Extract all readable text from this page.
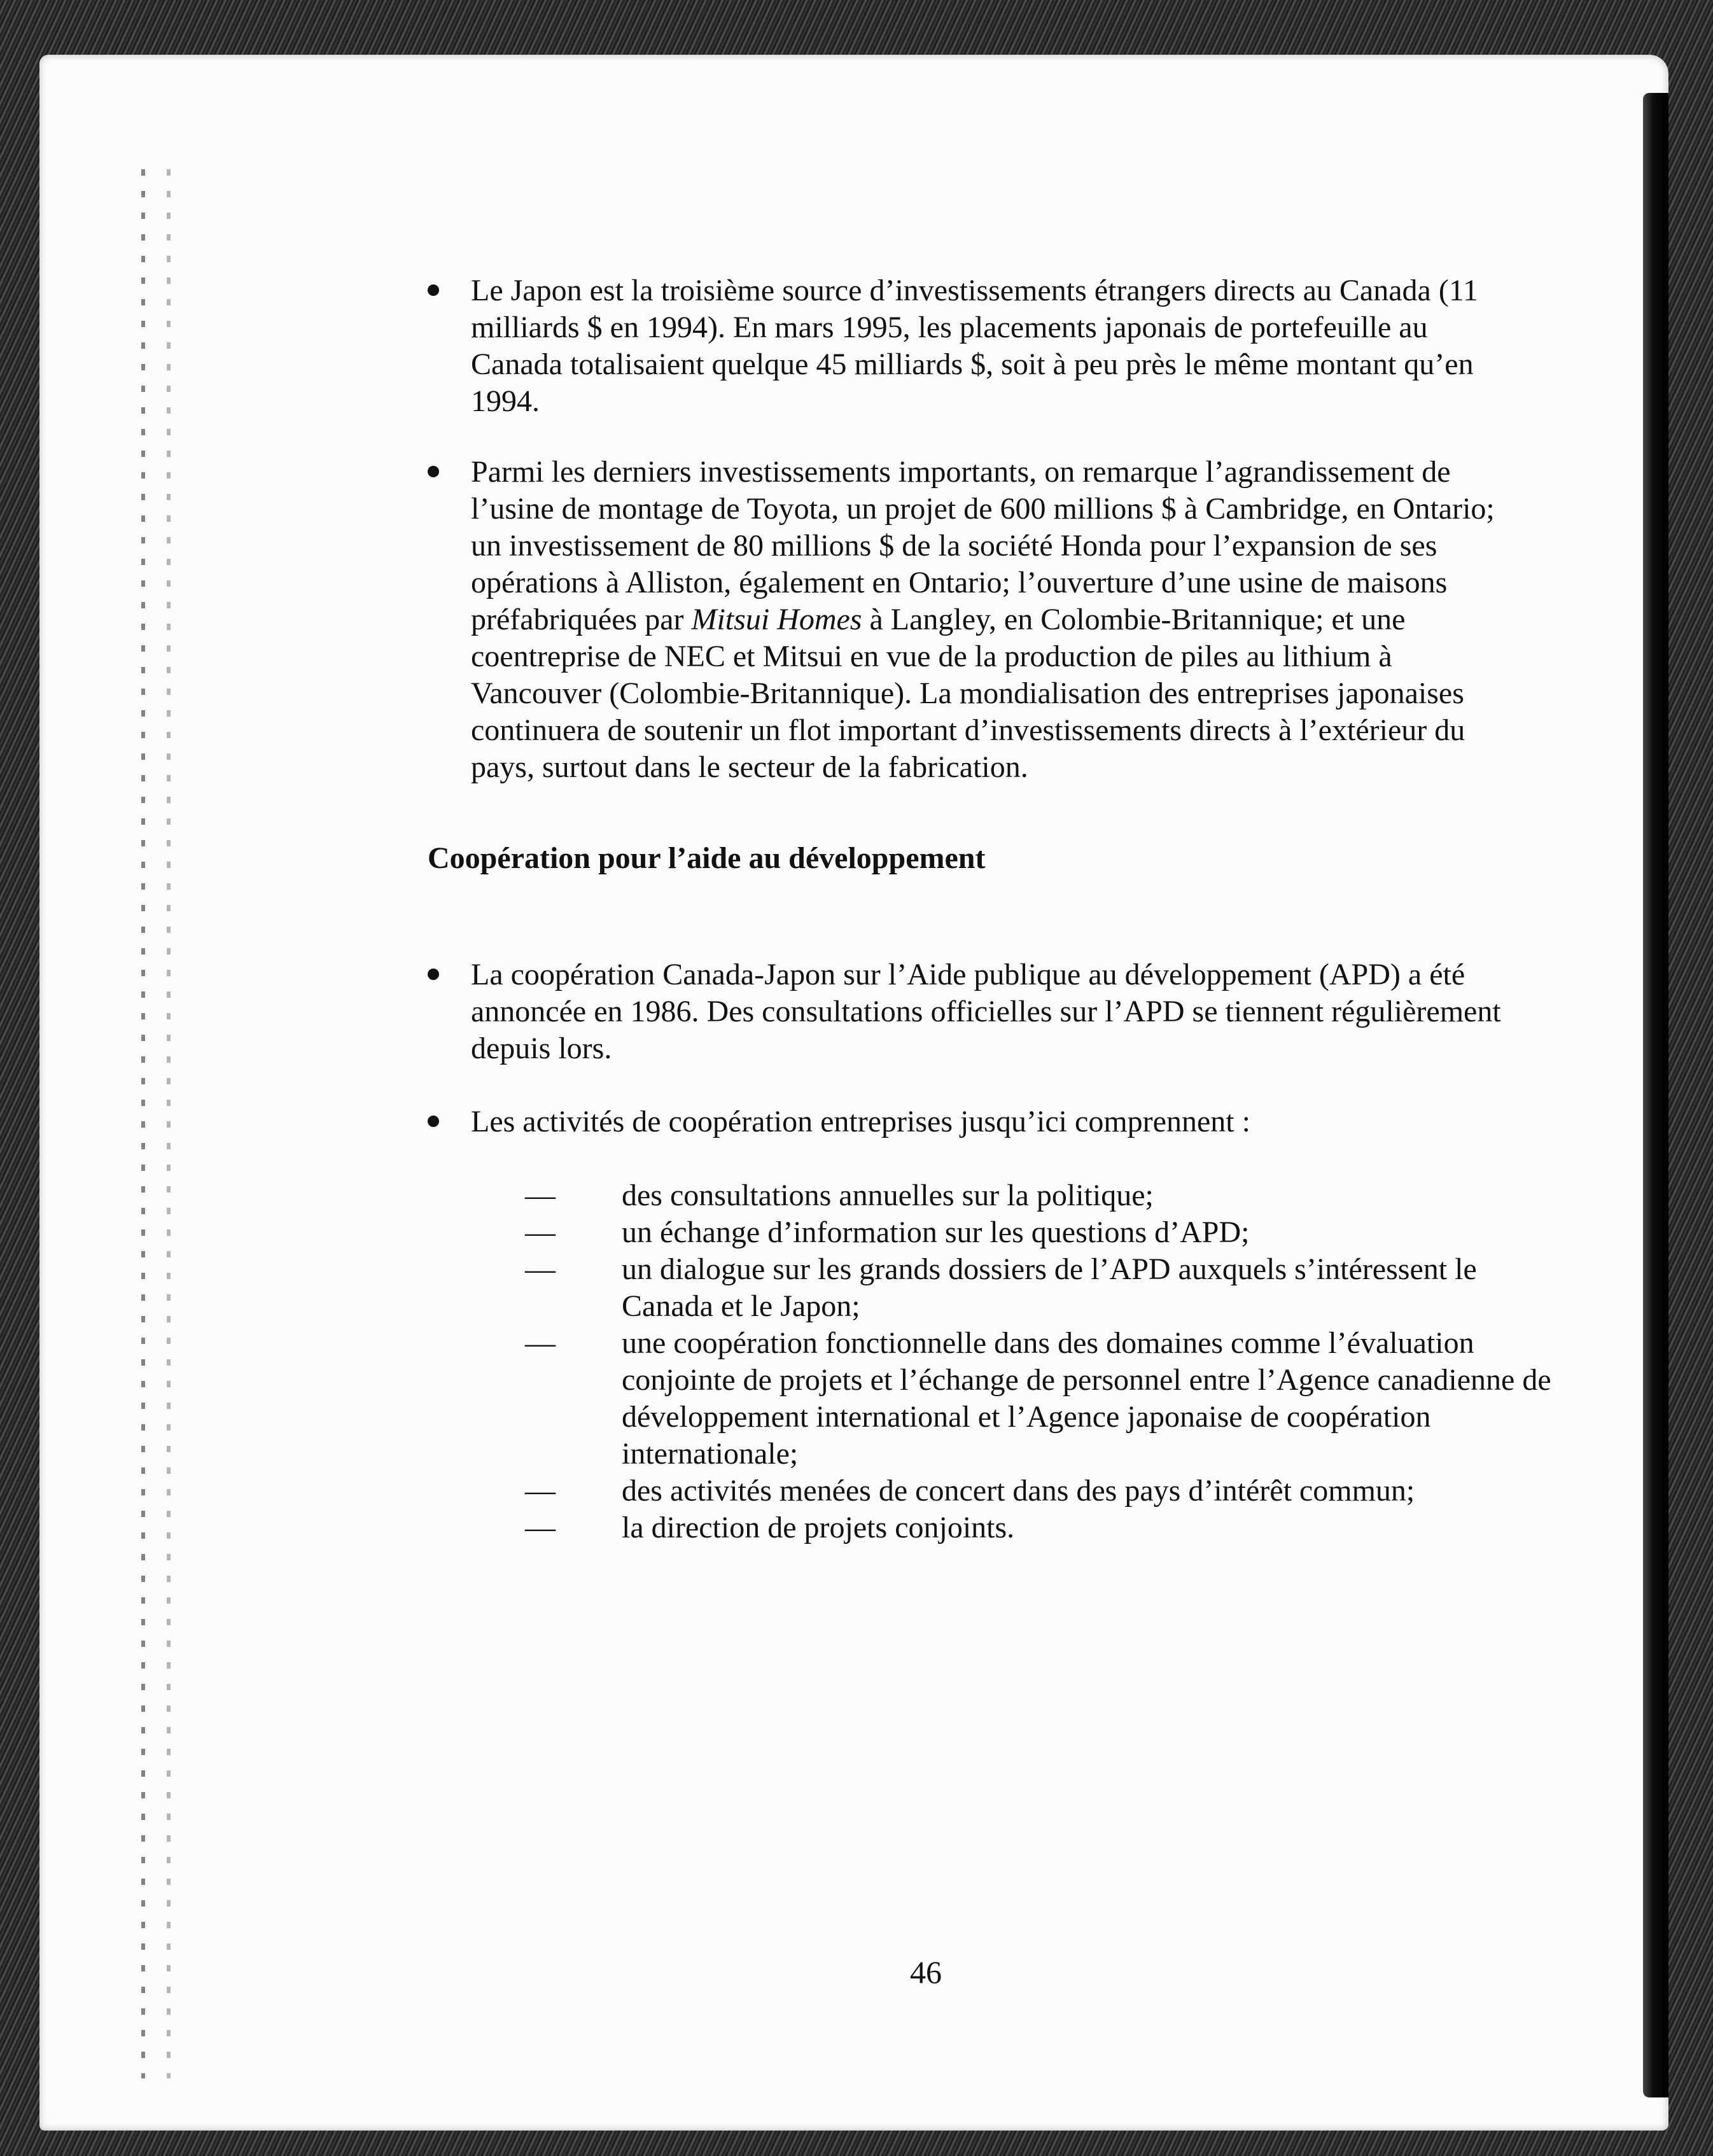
Le Japon est la troisième source d’investissements étrangers directs au Canada (11 milliards $ en 1994). En mars 1995, les placements japonais de portefeuille au Canada totalisaient quelque 45 milliards $, soit à peu près le même montant qu’en 1994.

Parmi les derniers investissements importants, on remarque l’agrandissement de l’usine de montage de Toyota, un projet de 600 millions $ à Cambridge, en Ontario; un investissement de 80 millions $ de la société Honda pour l’expansion de ses opérations à Alliston, également en Ontario; l’ouverture d’une usine de maisons préfabriquées par Mitsui Homes à Langley, en Colombie-Britannique; et une coentreprise de NEC et Mitsui en vue de la production de piles au lithium à Vancouver (Colombie-Britannique). La mondialisation des entreprises japonaises continuera de soutenir un flot important d’investissements directs à l’extérieur du pays, surtout dans le secteur de la fabrication.

Coopération pour l’aide au développement

La coopération Canada-Japon sur l’Aide publique au développement (APD) a été annoncée en 1986. Des consultations officielles sur l’APD se tiennent régulièrement depuis lors.

Les activités de coopération entreprises jusqu’ici comprennent :

— des consultations annuelles sur la politique;
— un échange d’information sur les questions d’APD;
— un dialogue sur les grands dossiers de l’APD auxquels s’intéressent le Canada et le Japon;
— une coopération fonctionnelle dans des domaines comme l’évaluation conjointe de projets et l’échange de personnel entre l’Agence canadienne de développement international et l’Agence japonaise de coopération internationale;
— des activités menées de concert dans des pays d’intérêt commun;
— la direction de projets conjoints.
46
